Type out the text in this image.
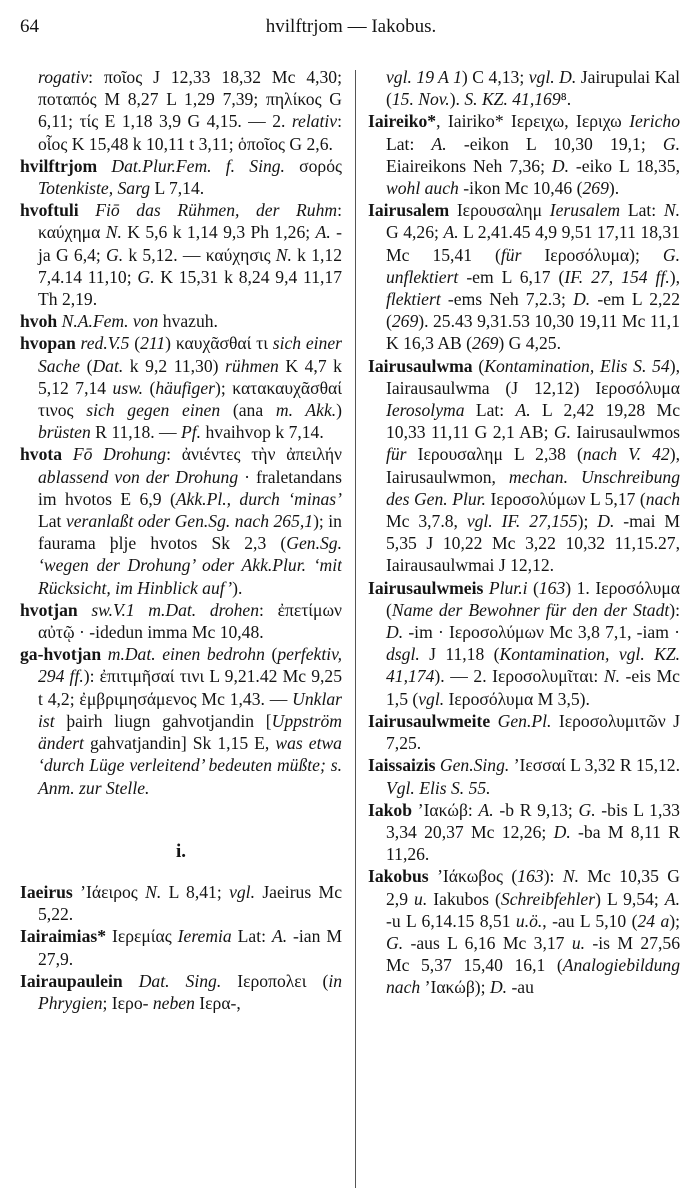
64	hvilftrjom — Iakobus.

rogativ: ποῖος J 12,33 18,32 Mc 4,30; ποταπός M 8,27 L 1,29 7,39; πηλίκος G 6,11; τίς E 1,18 3,9 G 4,15. — 2. relativ: οἷος K 15,48 k 10,11 t 3,11; ὁποῖος G 2,6.

hvilftrjom Dat.Plur.Fem. f. Sing. σορός Totenkiste, Sarg L 7,14.

hvoftuli Fiō das Rühmen, der Ruhm: καύχημα N. K 5,6 k 1,14 9,3 Ph 1,26; A. -ja G 6,4; G. k 5,12. — καύχησις N. k 1,12 7,4.14 11,10; G. K 15,31 k 8,24 9,4 11,17 Th 2,19.

hvoh N.A.Fem. von hvazuh.

hvopan red.V.5 (211) καυχᾶσθαί τι sich einer Sache (Dat. k 9,2 11,30) rühmen K 4,7 k 5,12 7,14 usw. (häufiger); κατακαυχᾶσθαί τινος sich gegen einen (ana m. Akk.) brüsten R 11,18. — Pf. hvaihvop k 7,14.

hvota Fō Drohung: ἀνιέντες τὴν ἀπειλήν ablassend von der Drohung · fraletandans im hvotos E 6,9 (Akk.Pl., durch ‘minas’ Lat veranlaßt oder Gen.Sg. nach 265,1); in faurama þlje hvotos Sk 2,3 (Gen.Sg. ‘wegen der Drohung’ oder Akk.Plur. ‘mit Rücksicht, im Hinblick auf’).

hvotjan sw.V.1 m.Dat. drohen: ἐπετίμων αὐτῷ · -idedun imma Mc 10,48.

ga-hvotjan m.Dat. einen bedrohn (perfektiv, 294 ff.): ἐπιτιμῆσαί τινι L 9,21.42 Mc 9,25 t 4,2; ἐμβριμησάμενος Mc 1,43. — Unklar ist þairh liugn gahvotjandin [Uppström ändert gahvatjandin] Sk 1,15 E, was etwa ‘durch Lüge verleitend’ bedeuten müßte; s. Anm. zur Stelle.

i.

Iaeirus ’Ιάειρος N. L 8,41; vgl. Jaeirus Mc 5,22.

Iairaimias* Ιερεμίας Ieremia Lat: A. -ian M 27,9.

Iairaupaulein Dat. Sing. Ιεροπολει (in Phrygien; Ιερο- neben Ιερα-,

vgl. 19 A 1) C 4,13; vgl. D. Jairupulai Kal (15. Nov.). S. KZ. 41,169⁸.

Iaireiko*, Iairiko* Ιερειχω, Ιεριχω Iericho Lat: A. -eikon L 10,30 19,1; G. Eiaireikons Neh 7,36; D. -eiko L 18,35, wohl auch -ikon Mc 10,46 (269).

Iairusalem Ιερουσαλημ Ierusalem Lat: N. G 4,26; A. L 2,41.45 4,9 9,51 17,11 18,31 Mc 15,41 (für Ιεροσόλυμα); G. unflektiert -em L 6,17 (IF. 27, 154 ff.), flektiert -ems Neh 7,2.3; D. -em L 2,22 (269). 25.43 9,31.53 10,30 19,11 Mc 11,1 K 16,3 AB (269) G 4,25.

Iairusaulwma (Kontamination, Elis S. 54), Iairausaulwma (J 12,12) Ιεροσόλυμα Ierosolyma Lat: A. L 2,42 19,28 Mc 10,33 11,11 G 2,1 AB; G. Iairusaulwmos für Ιερουσαλημ L 2,38 (nach V. 42), Iairusaulwmon, mechan. Unschreibung des Gen. Plur. Ιεροσολύμων L 5,17 (nach Mc 3,7.8, vgl. IF. 27,155); D. -mai M 5,35 J 10,22 Mc 3,22 10,32 11,15.27, Iairausaulwmai J 12,12.

Iairusaulwmeis Plur.i (163) 1. Ιεροσόλυμα (Name der Bewohner für den der Stadt): D. -im · Ιεροσολύμων Mc 3,8 7,1, -iam · dsgl. J 11,18 (Kontamination, vgl. KZ. 41,174). — 2. Ιεροσολυμῖται: N. -eis Mc 1,5 (vgl. Ιεροσόλυμα M 3,5).

Iairusaulwmeite Gen.Pl. Ιεροσολυμιτῶν J 7,25.

Iaissaizis Gen.Sing. ’Ιεσσαί L 3,32 R 15,12. Vgl. Elis S. 55.

Iakob ’Ιακώβ: A. -b R 9,13; G. -bis L 1,33 3,34 20,37 Mc 12,26; D. -ba M 8,11 R 11,26.

Iakobus ’Ιάκωβος (163): N. Mc 10,35 G 2,9 u. Iakubos (Schreibfehler) L 9,54; A. -u L 6,14.15 8,51 u.ö., -au L 5,10 (24 a); G. -aus L 6,16 Mc 3,17 u. -is M 27,56 Mc 5,37 15,40 16,1 (Analogiebildung nach ’Ιακώβ); D. -au
